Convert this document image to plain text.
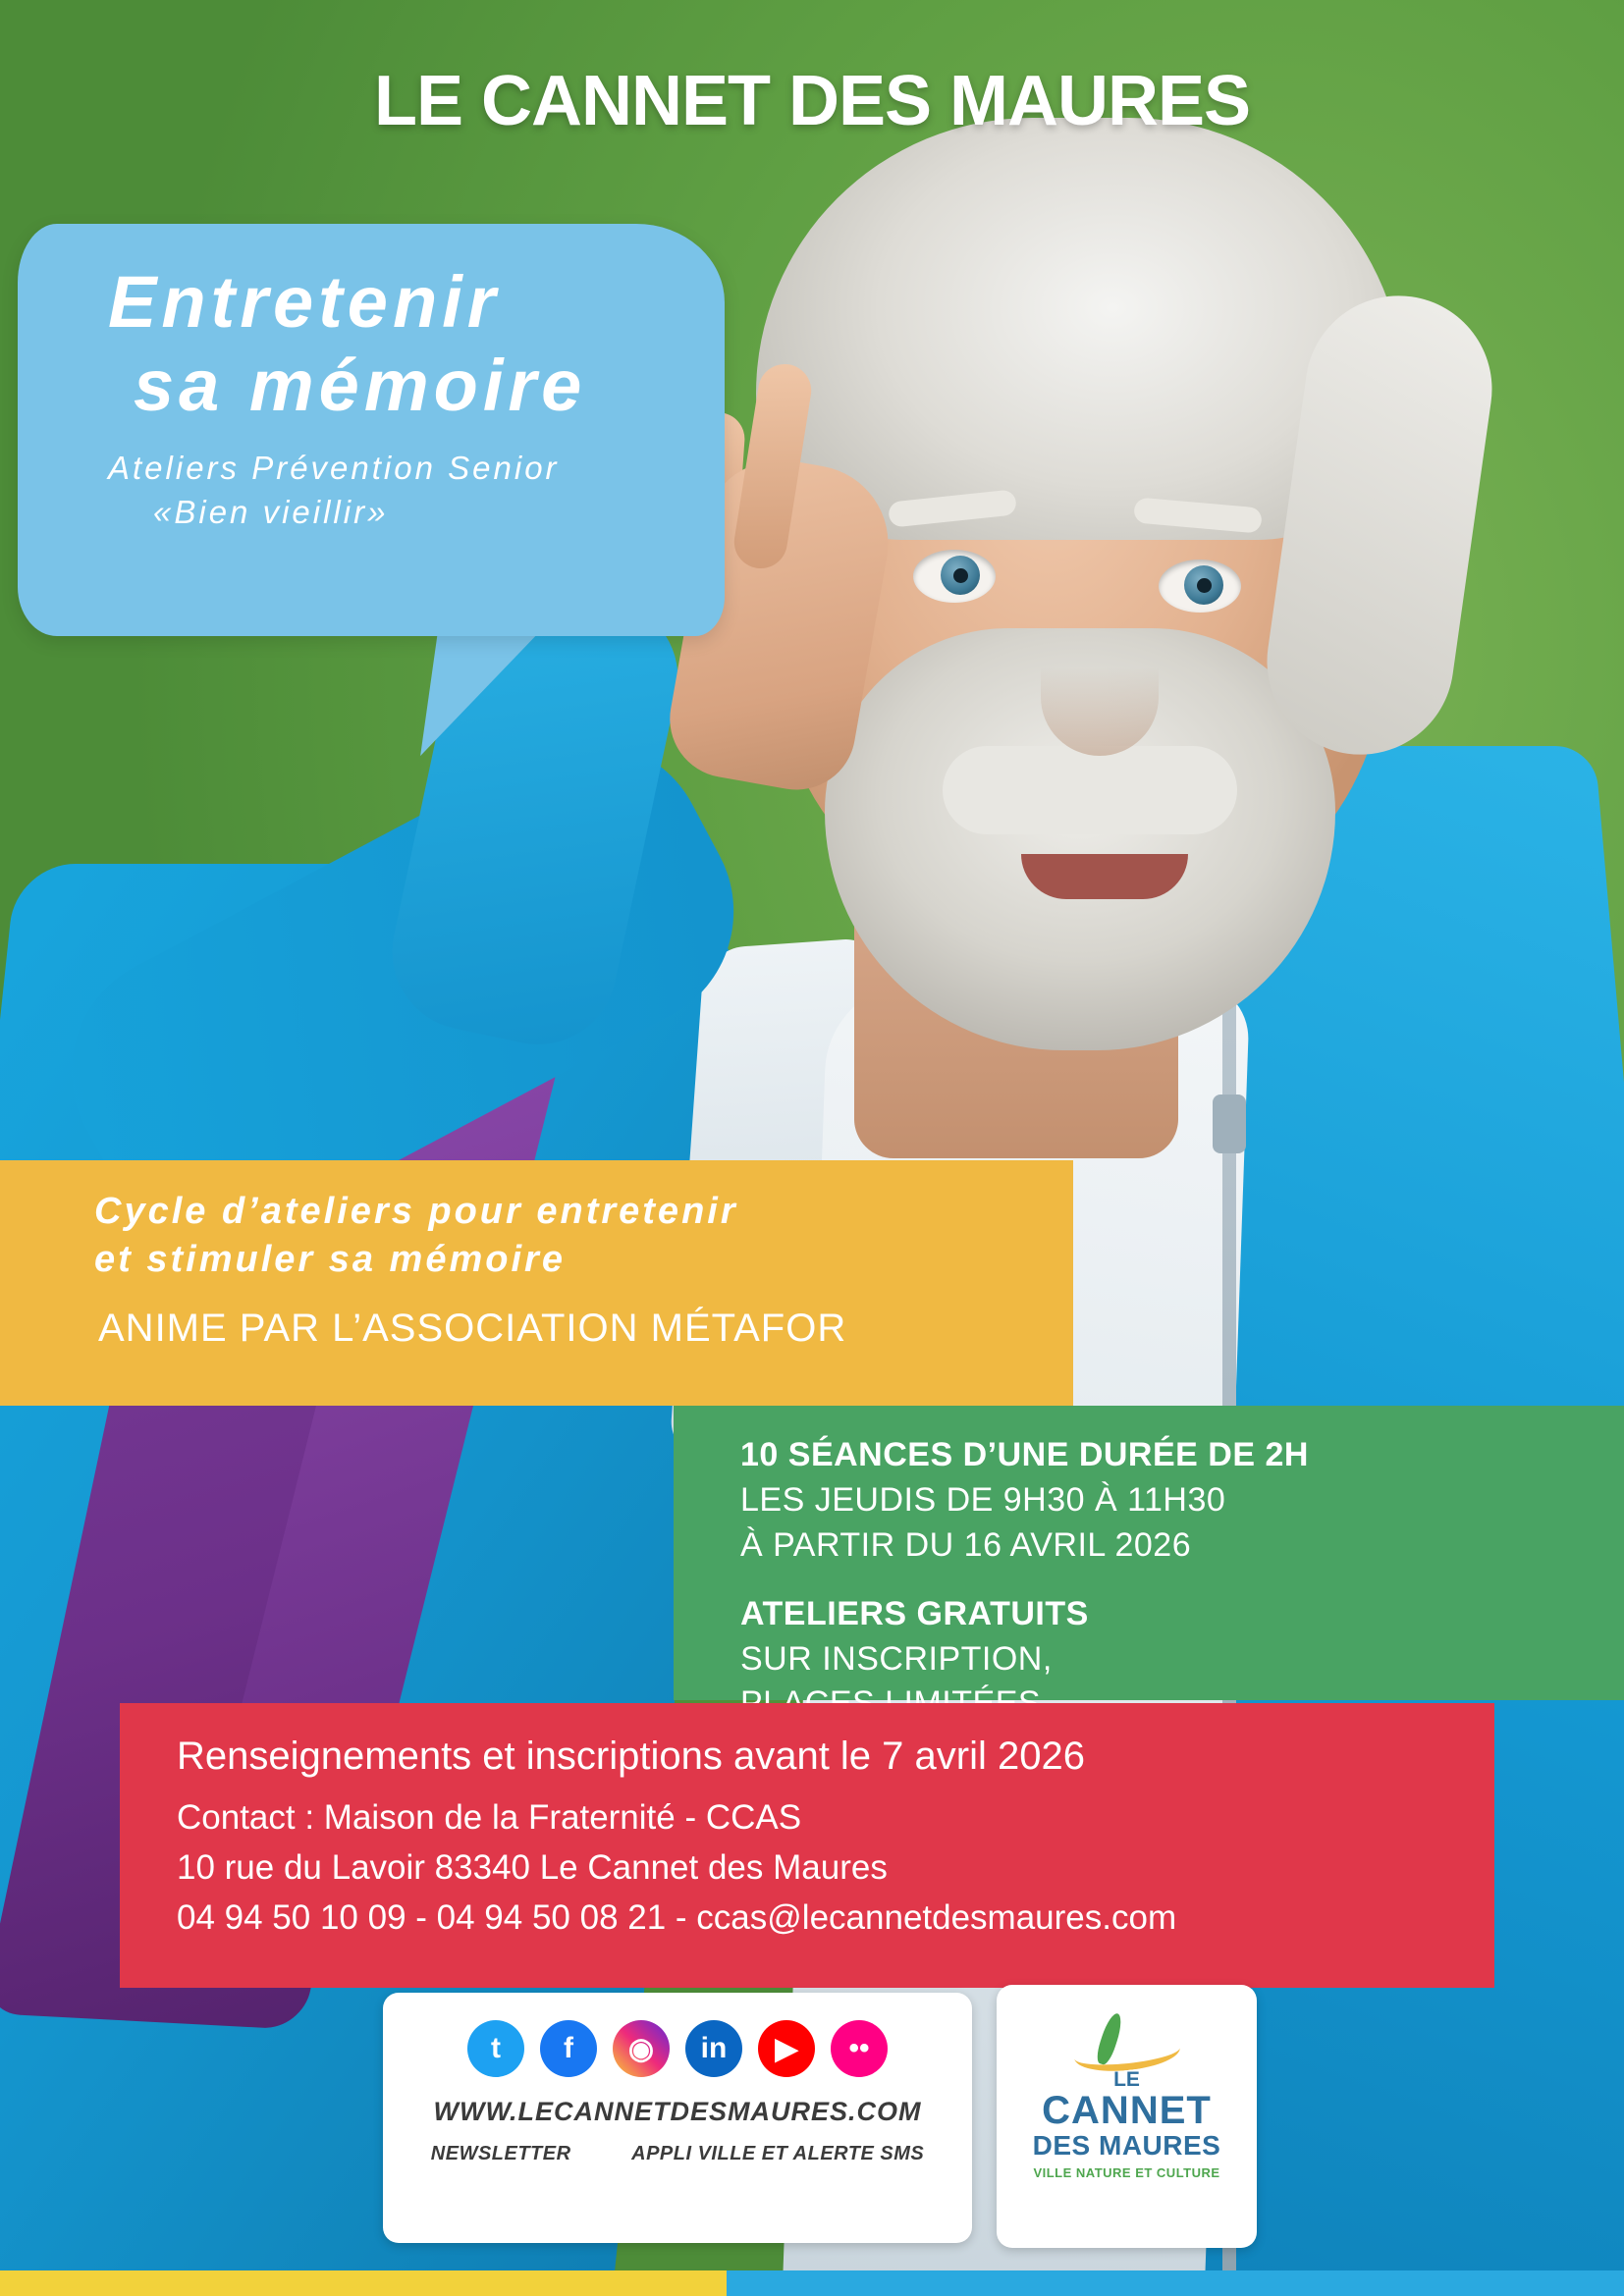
LE CANNET DES MAURES
Entretenir
sa mémoire
Ateliers Prévention Senior
«Bien vieillir»
Cycle d’ateliers pour entretenir
et stimuler sa mémoire
ANIME PAR L’ASSOCIATION MÉTAFOR
10 SÉANCES D’UNE DURÉE DE 2H
LES JEUDIS DE 9H30 À 11H30
À PARTIR DU 16 AVRIL 2026
ATELIERS GRATUITS
SUR INSCRIPTION,
Renseignements et inscriptions avant le 7 avril 2026
Contact : Maison de la Fraternité - CCAS
10 rue du Lavoir 83340 Le Cannet des Maures
04 94 50 10 09 - 04 94 50 08 21 - ccas@lecannetdesmaures.com
t	f	◉	in	▶	••
WWW.LECANNETDESMAURES.COM
NEWSLETTER	APPLI VILLE ET ALERTE SMS
LE
CANNET
DES MAURES
VILLE NATURE ET CULTURE
